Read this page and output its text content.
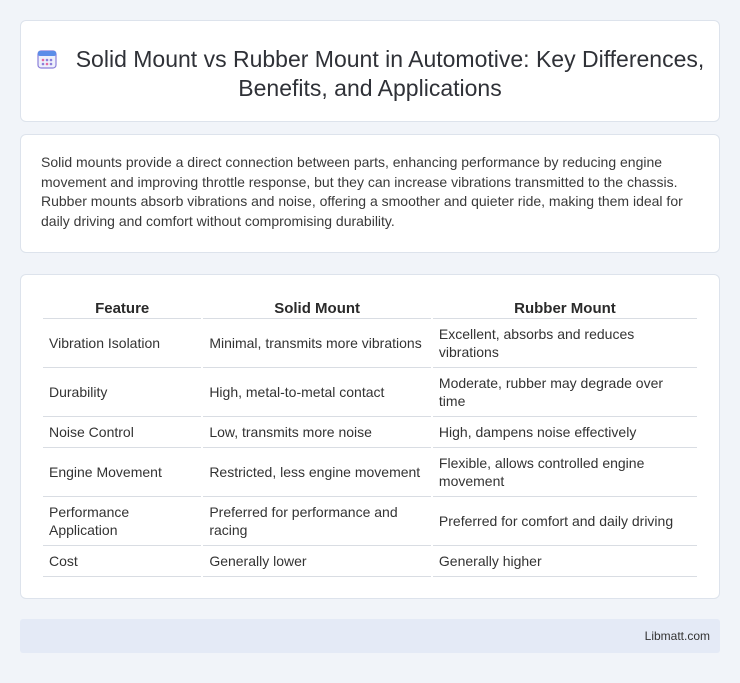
Solid Mount vs Rubber Mount in Automotive: Key Differences, Benefits, and Applications

Solid mounts provide a direct connection between parts, enhancing performance by reducing engine movement and improving throttle response, but they can increase vibrations transmitted to the chassis. Rubber mounts absorb vibrations and noise, offering a smoother and quieter ride, making them ideal for daily driving and comfort without compromising durability.

Feature	Solid Mount	Rubber Mount
Vibration Isolation	Minimal, transmits more vibrations	Excellent, absorbs and reduces vibrations
Durability	High, metal-to-metal contact	Moderate, rubber may degrade over time
Noise Control	Low, transmits more noise	High, dampens noise effectively
Engine Movement	Restricted, less engine movement	Flexible, allows controlled engine movement
Performance Application	Preferred for performance and racing	Preferred for comfort and daily driving
Cost	Generally lower	Generally higher
Libmatt.com
